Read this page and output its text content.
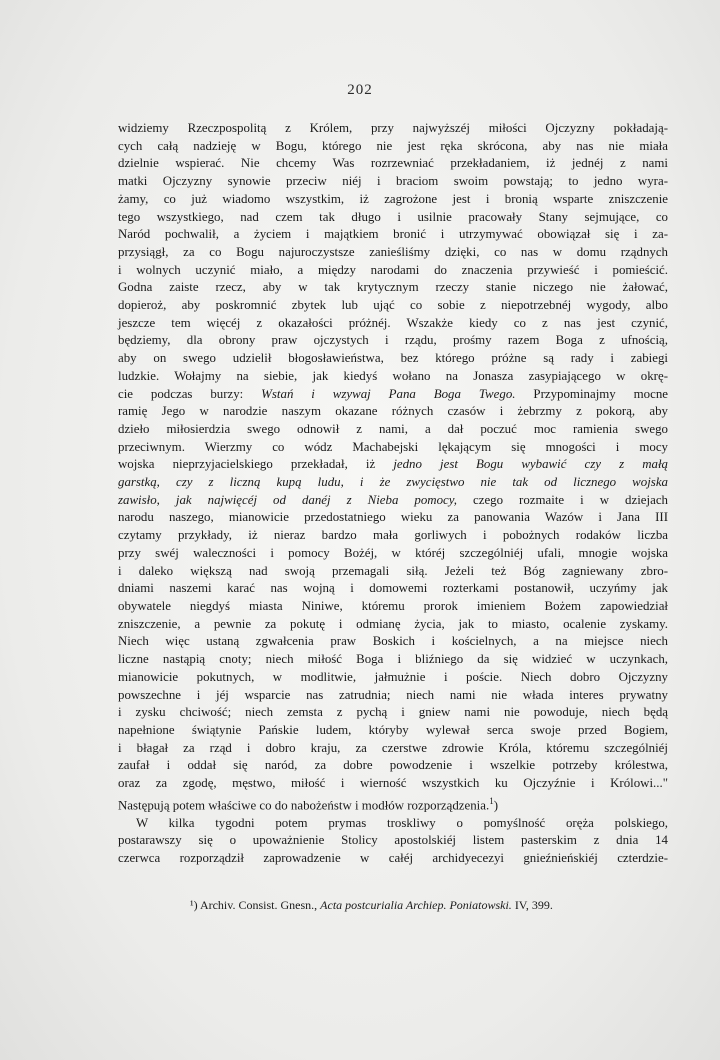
202
widziemy Rzeczpospolitą z Królem, przy najwyższéj miłości Ojczyzny pokładają-
cych całą nadzieję w Bogu, którego nie jest ręka skrócona, aby nas nie miała
dzielnie wspierać. Nie chcemy Was rozrzewniać przekładaniem, iż jednéj z nami
matki Ojczyzny synowie przeciw niéj i braciom swoim powstają; to jedno wyra-
żamy, co już wiadomo wszystkim, iż zagrożone jest i bronią wsparte zniszczenie
tego wszystkiego, nad czem tak długo i usilnie pracowały Stany sejmujące, co
Naród pochwalił, a życiem i majątkiem bronić i utrzymywać obowiązał się i za-
przysiągł, za co Bogu najuroczystsze zanieśliśmy dzięki, co nas w domu rządnych
i wolnych uczynić miało, a między narodami do znaczenia przywieść i pomieścić.
Godna zaiste rzecz, aby w tak krytycznym rzeczy stanie niczego nie żałować,
dopieroż, aby poskromnić zbytek lub ująć co sobie z niepotrzebnéj wygody, albo
jeszcze tem więcéj z okazałości próżnéj. Wszakże kiedy co z nas jest czynić,
będziemy, dla obrony praw ojczystych i rządu, prośmy razem Boga z ufnością,
aby on swego udzielił błogosławieństwa, bez którego próżne są rady i zabiegi
ludzkie. Wołajmy na siebie, jak kiedyś wołano na Jonasza zasypiającego w okrę-
cie podczas burzy: Wstań i wzywaj Pana Boga Twego. Przypominajmy mocne
ramię Jego w narodzie naszym okazane różnych czasów i żebrzmy z pokorą, aby
dzieło miłosierdzia swego odnowił z nami, a dał poczuć moc ramienia swego
przeciwnym. Wierzmy co wódz Machabejski lękającym się mnogości i mocy
wojska nieprzyjacielskiego przekładał, iż jedno jest Bogu wybawić czy z małą
garstką, czy z liczną kupą ludu, i że zwycięstwo nie tak od licznego wojska
zawisło, jak najwięcéj od danéj z Nieba pomocy, czego rozmaite i w dziejach
narodu naszego, mianowicie przedostatniego wieku za panowania Wazów i Jana III
czytamy przykłady, iż nieraz bardzo mała gorliwych i pobożnych rodaków liczba
przy swéj waleczności i pomocy Bożéj, w któréj szczególniéj ufali, mnogie wojska
i daleko większą nad swoją przemagali siłą. Jeżeli też Bóg zagniewany zbro-
dniami naszemi karać nas wojną i domowemi rozterkami postanowił, uczyńmy jak
obywatele niegdyś miasta Niniwe, któremu prorok imieniem Bożem zapowiedział
zniszczenie, a pewnie za pokutę i odmianę życia, jak to miasto, ocalenie zyskamy.
Niech więc ustaną zgwałcenia praw Boskich i kościelnych, a na miejsce niech
liczne nastąpią cnoty; niech miłość Boga i bliźniego da się widzieć w uczynkach,
mianowicie pokutnych, w modlitwie, jałmużnie i poście. Niech dobro Ojczyzny
powszechne i jéj wsparcie nas zatrudnia; niech nami nie włada interes prywatny
i zysku chciwość; niech zemsta z pychą i gniew nami nie powoduje, niech będą
napełnione świątynie Pańskie ludem, któryby wylewał serca swoje przed Bogiem,
i błagał za rząd i dobro kraju, za czerstwe zdrowie Króla, któremu szczególniéj
zaufał i oddał się naród, za dobre powodzenie i wszelkie potrzeby królestwa,
oraz za zgodę, męstwo, miłość i wierność wszystkich ku Ojczyźnie i Królowi..."
Następują potem właściwe co do nabożeństw i modłów rozporządzenia.$^1$)
W kilka tygodni potem prymas troskliwy o pomyślność oręża polskiego,
postarawszy się o upoważnienie Stolicy apostolskiéj listem pasterskim z dnia 14
czerwca rozporządził zaprowadzenie w całéj archidyecezyi gnieźnieńskiéj czterdzie-
¹) Archiv. Consist. Gnesn., Acta postcurialia Archiep. Poniatowski. IV, 399.
